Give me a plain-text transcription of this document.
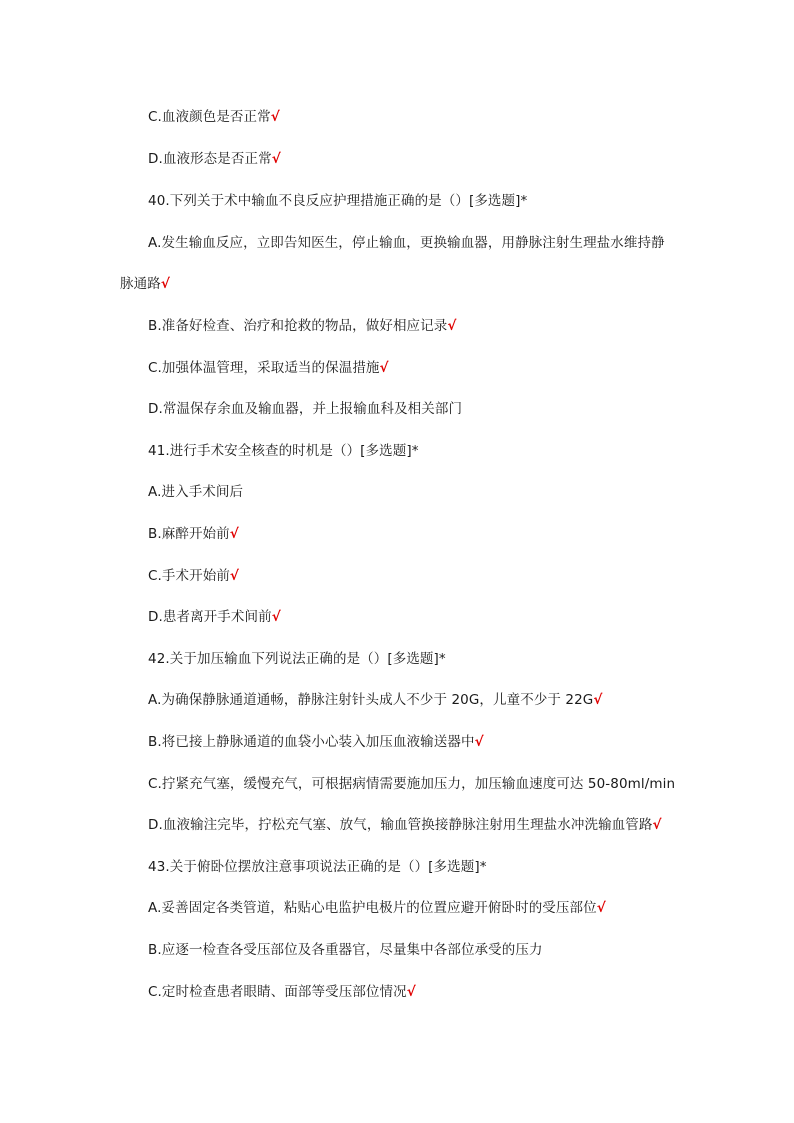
C.血液颜色是否正常√
D.血液形态是否正常√
40.下列关于术中输血不良反应护理措施正确的是（）[多选题]*
A.发生输血反应，立即告知医生，停止输血，更换输血器，用静脉注射生理盐水维持静
脉通路√
B.准备好检查、治疗和抢救的物品，做好相应记录√
C.加强体温管理，采取适当的保温措施√
D.常温保存余血及输血器，并上报输血科及相关部门
41.进行手术安全核查的时机是（）[多选题]*
A.进入手术间后
B.麻醉开始前√
C.手术开始前√
D.患者离开手术间前√
42.关于加压输血下列说法正确的是（）[多选题]*
A.为确保静脉通道通畅，静脉注射针头成人不少于 20G，儿童不少于 22G√
B.将已接上静脉通道的血袋小心装入加压血液输送器中√
C.拧紧充气塞，缓慢充气，可根据病情需要施加压力，加压输血速度可达 50-80ml/min
D.血液输注完毕，拧松充气塞、放气，输血管换接静脉注射用生理盐水冲洗输血管路√
43.关于俯卧位摆放注意事项说法正确的是（）[多选题]*
A.妥善固定各类管道，粘贴心电监护电极片的位置应避开俯卧时的受压部位√
B.应逐一检查各受压部位及各重器官，尽量集中各部位承受的压力
C.定时检查患者眼睛、面部等受压部位情况√
